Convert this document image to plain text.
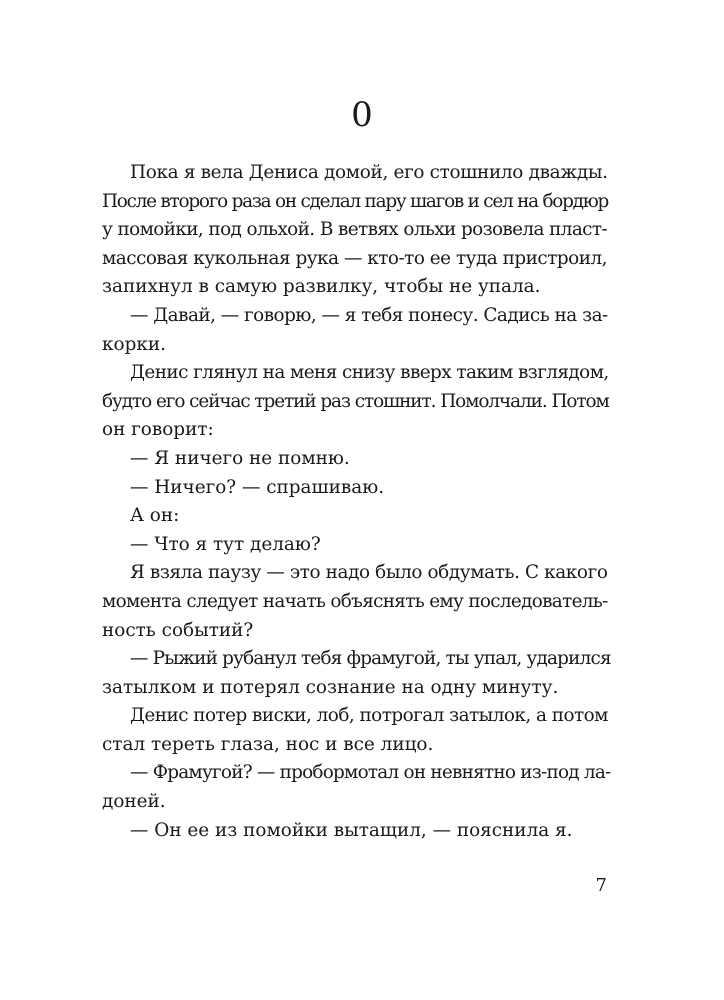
0
Пока я вела Дениса домой, его стошнило дважды.
После второго раза он сделал пару шагов и сел на бордюр
у помойки, под ольхой. В ветвях ольхи розовела пласт-
массовая кукольная рука — кто-то ее туда пристроил,
запихнул в самую развилку, чтобы не упала.
— Давай, — говорю, — я тебя понесу. Садись на за-
корки.
Денис глянул на меня снизу вверх таким взглядом,
будто его сейчас третий раз стошнит. Помолчали. Потом
он говорит:
— Я ничего не помню.
— Ничего? — спрашиваю.
А он:
— Что я тут делаю?
Я взяла паузу — это надо было обдумать. С какого
момента следует начать объяснять ему последователь-
ность событий?
— Рыжий рубанул тебя фрамугой, ты упал, ударился
затылком и потерял сознание на одну минуту.
Денис потер виски, лоб, потрогал затылок, а потом
стал тереть глаза, нос и все лицо.
— Фрамугой? — пробормотал он невнятно из-под ла-
доней.
— Он ее из помойки вытащил, — пояснила я.
7
